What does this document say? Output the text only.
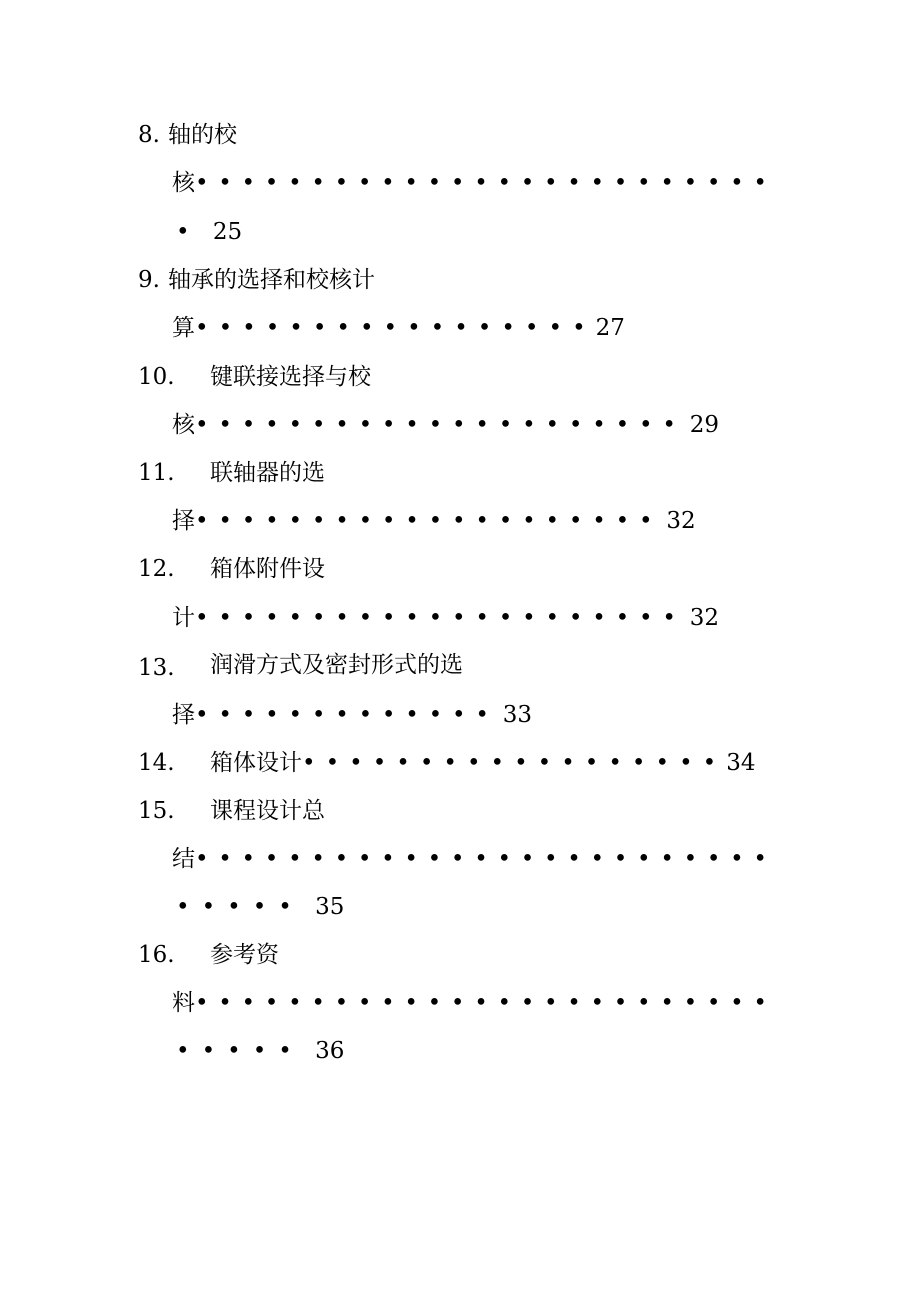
8. 轴的校
核•••••••••••••••••••••••••
• 25
9. 轴承的选择和校核计
算•••••••••••••••••27
10. 键联接选择与校
核••••••••••••••••••••• 29
11. 联轴器的选
择•••••••••••••••••••• 32
12. 箱体附件设
计••••••••••••••••••••• 32
13. 润滑方式及密封形式的选
择••••••••••••• 33
14. 箱体设计••••••••••••••••••34
15. 课程设计总
结•••••••••••••••••••••••••
••••• 35
16. 参考资
料•••••••••••••••••••••••••
••••• 36
